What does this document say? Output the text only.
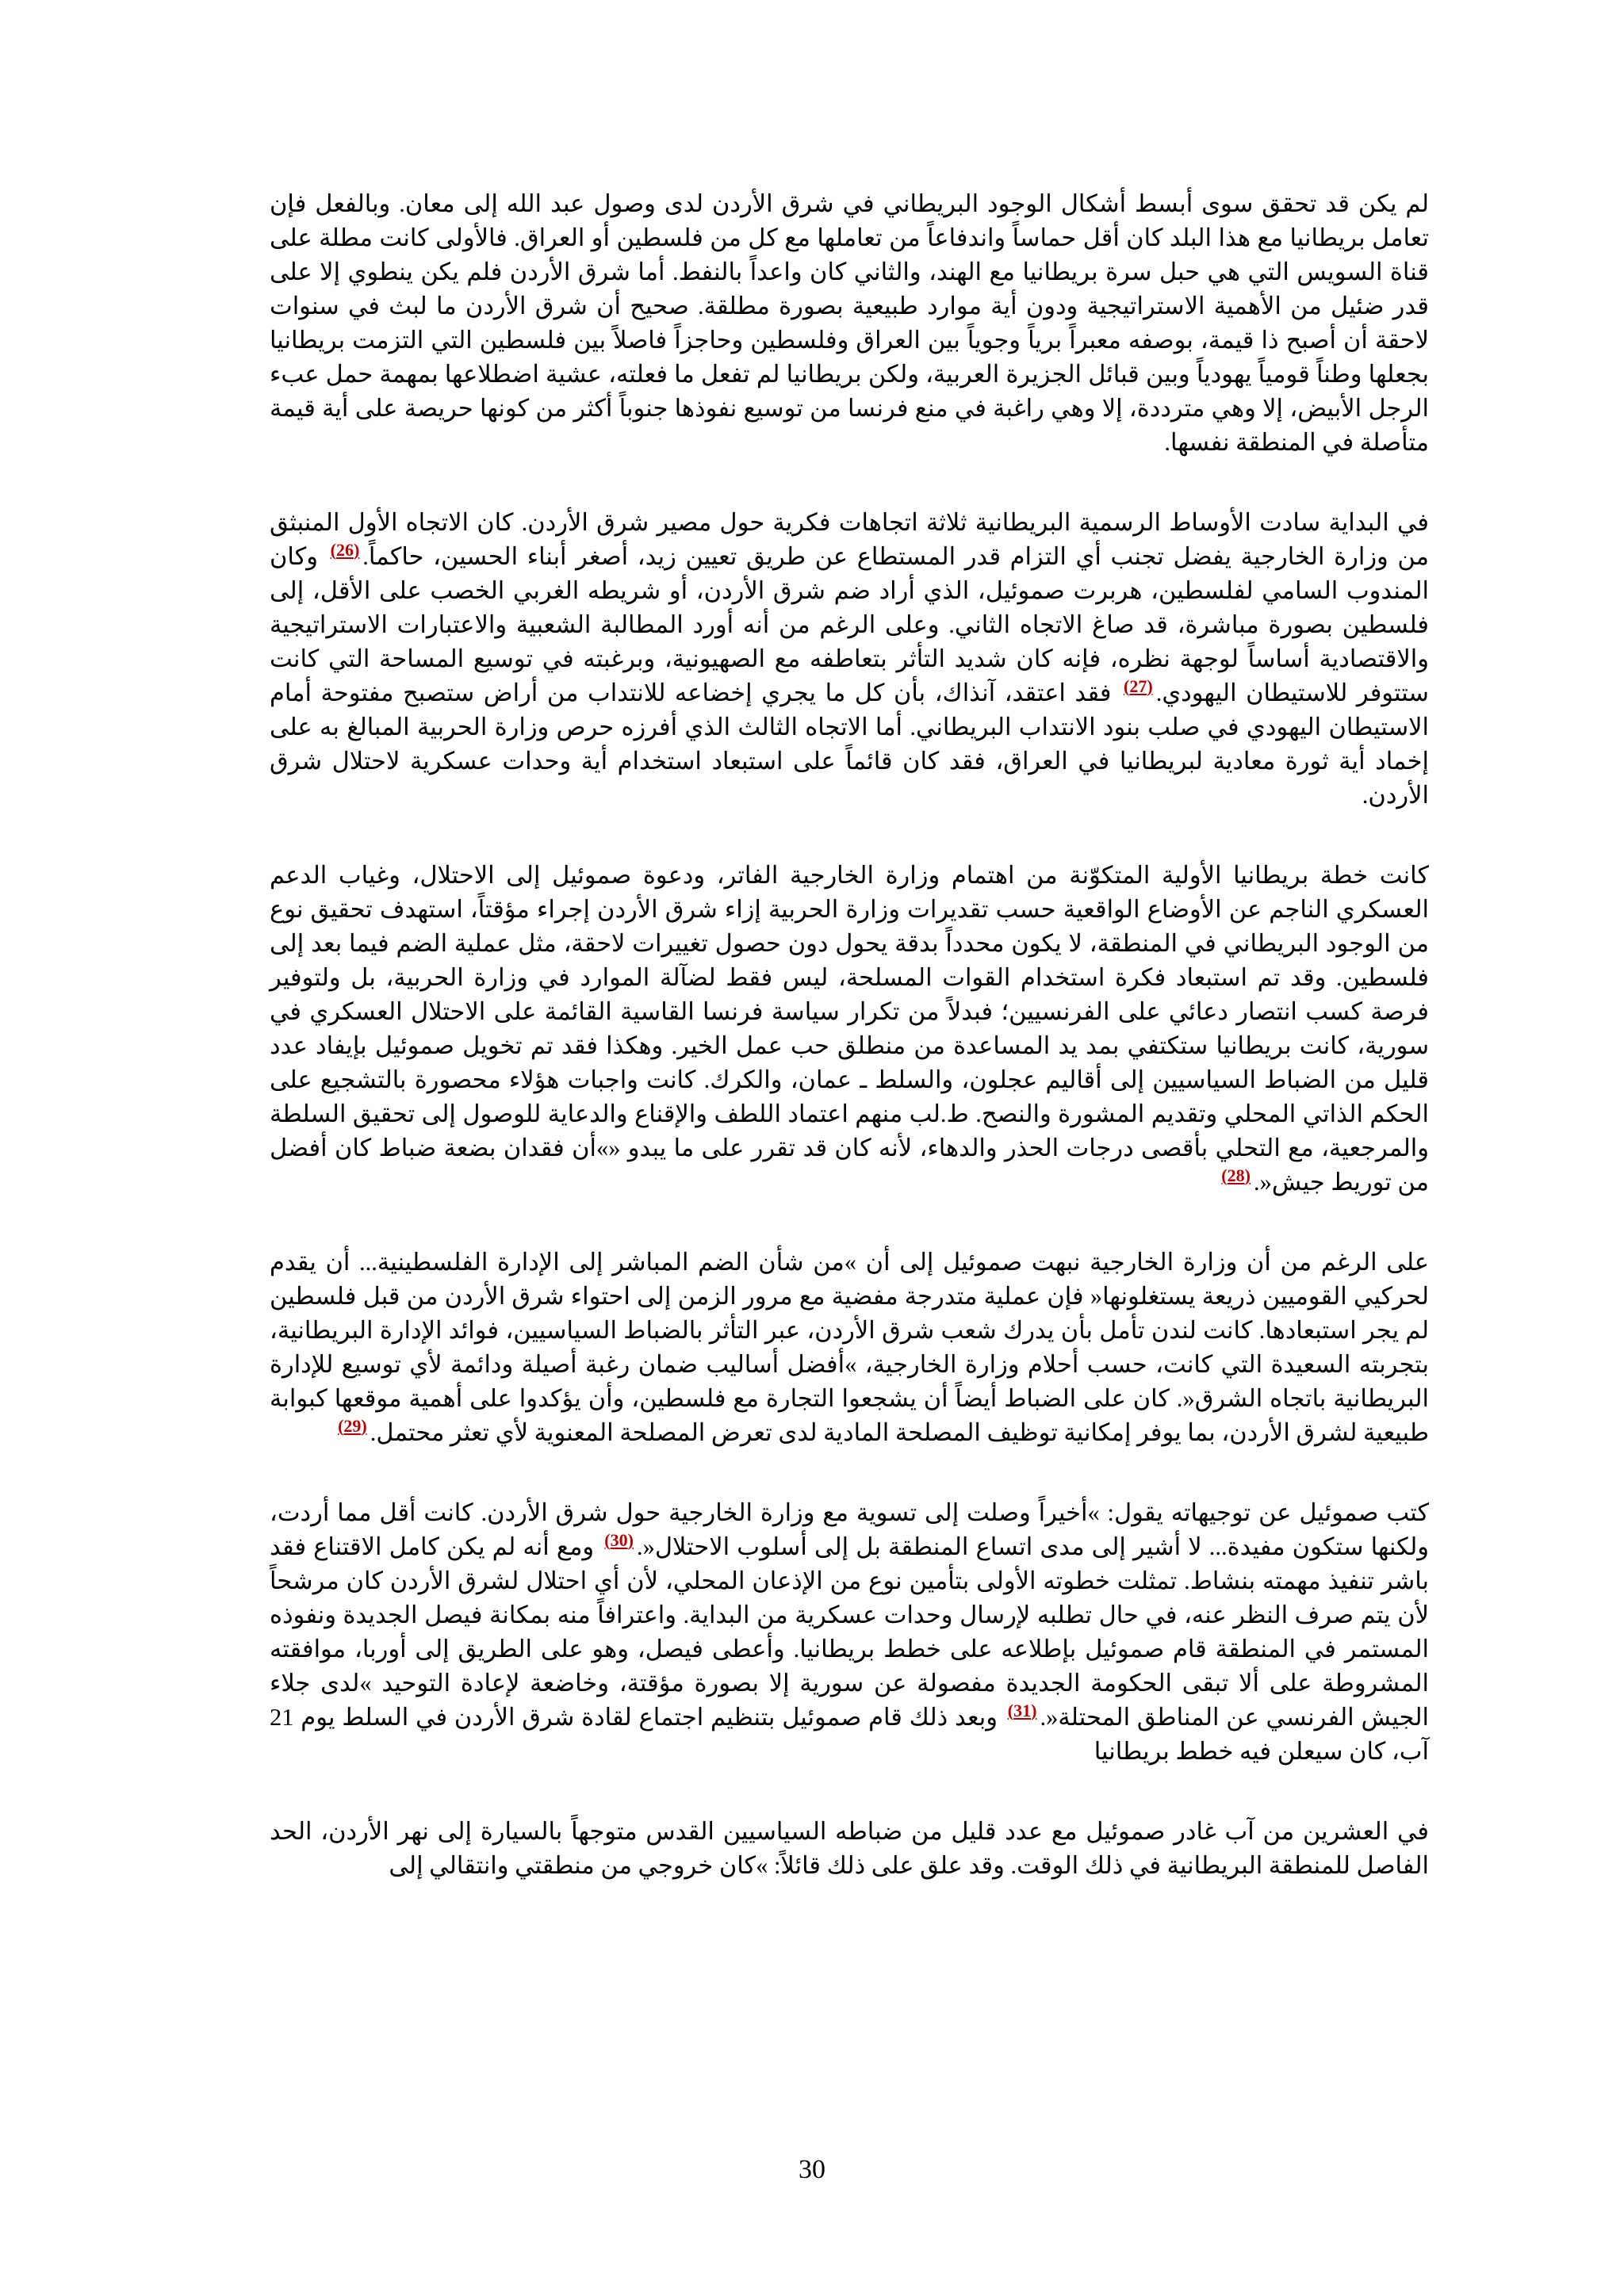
لم يكن قد تحقق سوى أبسط أشكال الوجود البريطاني في شرق الأردن لدى وصول عبد الله إلى معان. وبالفعل فإن تعامل بريطانيا مع هذا البلد كان أقل حماساً واندفاعاً من تعاملها مع كل من فلسطين أو العراق. فالأولى كانت مطلة على قناة السويس التي هي حبل سرة بريطانيا مع الهند، والثاني كان واعداً بالنفط. أما شرق الأردن فلم يكن ينطوي إلا على قدر ضئيل من الأهمية الاستراتيجية ودون أية موارد طبيعية بصورة مطلقة. صحيح أن شرق الأردن ما لبث في سنوات لاحقة أن أصبح ذا قيمة، بوصفه معبراً برياً وجوياً بين العراق وفلسطين وحاجزاً فاصلاً بين فلسطين التي التزمت بريطانيا بجعلها وطناً قومياً يهودياً وبين قبائل الجزيرة العربية، ولكن بريطانيا لم تفعل ما فعلته، عشية اضطلاعها بمهمة حمل عبء الرجل الأبيض، إلا وهي مترددة، إلا وهي راغبة في منع فرنسا من توسيع نفوذها جنوباً أكثر من كونها حريصة على أية قيمة متأصلة في المنطقة نفسها.

في البداية سادت الأوساط الرسمية البريطانية ثلاثة اتجاهات فكرية حول مصير شرق الأردن. كان الاتجاه الأول المنبثق من وزارة الخارجية يفضل تجنب أي التزام قدر المستطاع عن طريق تعيين زيد، أصغر أبناء الحسين، حاكماً.$^{(26)}$ وكان المندوب السامي لفلسطين، هربرت صموئيل، الذي أراد ضم شرق الأردن، أو شريطه الغربي الخصب على الأقل، إلى فلسطين بصورة مباشرة، قد صاغ الاتجاه الثاني. وعلى الرغم من أنه أورد المطالبة الشعبية والاعتبارات الاستراتيجية والاقتصادية أساساً لوجهة نظره، فإنه كان شديد التأثر بتعاطفه مع الصهيونية، وبرغبته في توسيع المساحة التي كانت ستتوفر للاستيطان اليهودي.$^{(27)}$ فقد اعتقد، آنذاك، بأن كل ما يجري إخضاعه للانتداب من أراض ستصبح مفتوحة أمام الاستيطان اليهودي في صلب بنود الانتداب البريطاني. أما الاتجاه الثالث الذي أفرزه حرص وزارة الحربية المبالغ به على إخماد أية ثورة معادية لبريطانيا في العراق، فقد كان قائماً على استبعاد استخدام أية وحدات عسكرية لاحتلال شرق الأردن.

كانت خطة بريطانيا الأولية المتكوّنة من اهتمام وزارة الخارجية الفاتر، ودعوة صموئيل إلى الاحتلال، وغياب الدعم العسكري الناجم عن الأوضاع الواقعية حسب تقديرات وزارة الحربية إزاء شرق الأردن إجراء مؤقتاً، استهدف تحقيق نوع من الوجود البريطاني في المنطقة، لا يكون محدداً بدقة يحول دون حصول تغييرات لاحقة، مثل عملية الضم فيما بعد إلى فلسطين. وقد تم استبعاد فكرة استخدام القوات المسلحة، ليس فقط لضآلة الموارد في وزارة الحربية، بل ولتوفير فرصة كسب انتصار دعائي على الفرنسيين؛ فبدلاً من تكرار سياسة فرنسا القاسية القائمة على الاحتلال العسكري في سورية، كانت بريطانيا ستكتفي بمد يد المساعدة من منطلق حب عمل الخير. وهكذا فقد تم تخويل صموئيل بإيفاد عدد قليل من الضباط السياسيين إلى أقاليم عجلون، والسلط ـ عمان، والكرك. كانت واجبات هؤلاء محصورة بالتشجيع على الحكم الذاتي المحلي وتقديم المشورة والنصح. ط.لب منهم اعتماد اللطف والإقناع والدعاية للوصول إلى تحقيق السلطة والمرجعية، مع التحلي بأقصى درجات الحذر والدهاء، لأنه كان قد تقرر على ما يبدو «»أن فقدان بضعة ضباط كان أفضل من توريط جيش«.$^{(28)}$

على الرغم من أن وزارة الخارجية نبهت صموئيل إلى أن »من شأن الضم المباشر إلى الإدارة الفلسطينية... أن يقدم لحركيي القوميين ذريعة يستغلونها« فإن عملية متدرجة مفضية مع مرور الزمن إلى احتواء شرق الأردن من قبل فلسطين لم يجر استبعادها. كانت لندن تأمل بأن يدرك شعب شرق الأردن، عبر التأثر بالضباط السياسيين، فوائد الإدارة البريطانية، بتجربته السعيدة التي كانت، حسب أحلام وزارة الخارجية، »أفضل أساليب ضمان رغبة أصيلة ودائمة لأي توسيع للإدارة البريطانية باتجاه الشرق«. كان على الضباط أيضاً أن يشجعوا التجارة مع فلسطين، وأن يؤكدوا على أهمية موقعها كبوابة طبيعية لشرق الأردن، بما يوفر إمكانية توظيف المصلحة المادية لدى تعرض المصلحة المعنوية لأي تعثر محتمل.$^{(29)}$

كتب صموئيل عن توجيهاته يقول: »أخيراً وصلت إلى تسوية مع وزارة الخارجية حول شرق الأردن. كانت أقل مما أردت، ولكنها ستكون مفيدة... لا أشير إلى مدى اتساع المنطقة بل إلى أسلوب الاحتلال«.$^{(30)}$ ومع أنه لم يكن كامل الاقتناع فقد باشر تنفيذ مهمته بنشاط. تمثلت خطوته الأولى بتأمين نوع من الإذعان المحلي، لأن أي احتلال لشرق الأردن كان مرشحاً لأن يتم صرف النظر عنه، في حال تطلبه لإرسال وحدات عسكرية من البداية. واعترافاً منه بمكانة فيصل الجديدة ونفوذه المستمر في المنطقة قام صموئيل بإطلاعه على خطط بريطانيا. وأعطى فيصل، وهو على الطريق إلى أوربا، موافقته المشروطة على ألا تبقى الحكومة الجديدة مفصولة عن سورية إلا بصورة مؤقتة، وخاضعة لإعادة التوحيد »لدى جلاء الجيش الفرنسي عن المناطق المحتلة«.$^{(31)}$ وبعد ذلك قام صموئيل بتنظيم اجتماع لقادة شرق الأردن في السلط يوم 21 آب، كان سيعلن فيه خطط بريطانيا

في العشرين من آب غادر صموئيل مع عدد قليل من ضباطه السياسيين القدس متوجهاً بالسيارة إلى نهر الأردن، الحد الفاصل للمنطقة البريطانية في ذلك الوقت. وقد علق على ذلك قائلاً: »كان خروجي من منطقتي وانتقالي إلى

30
